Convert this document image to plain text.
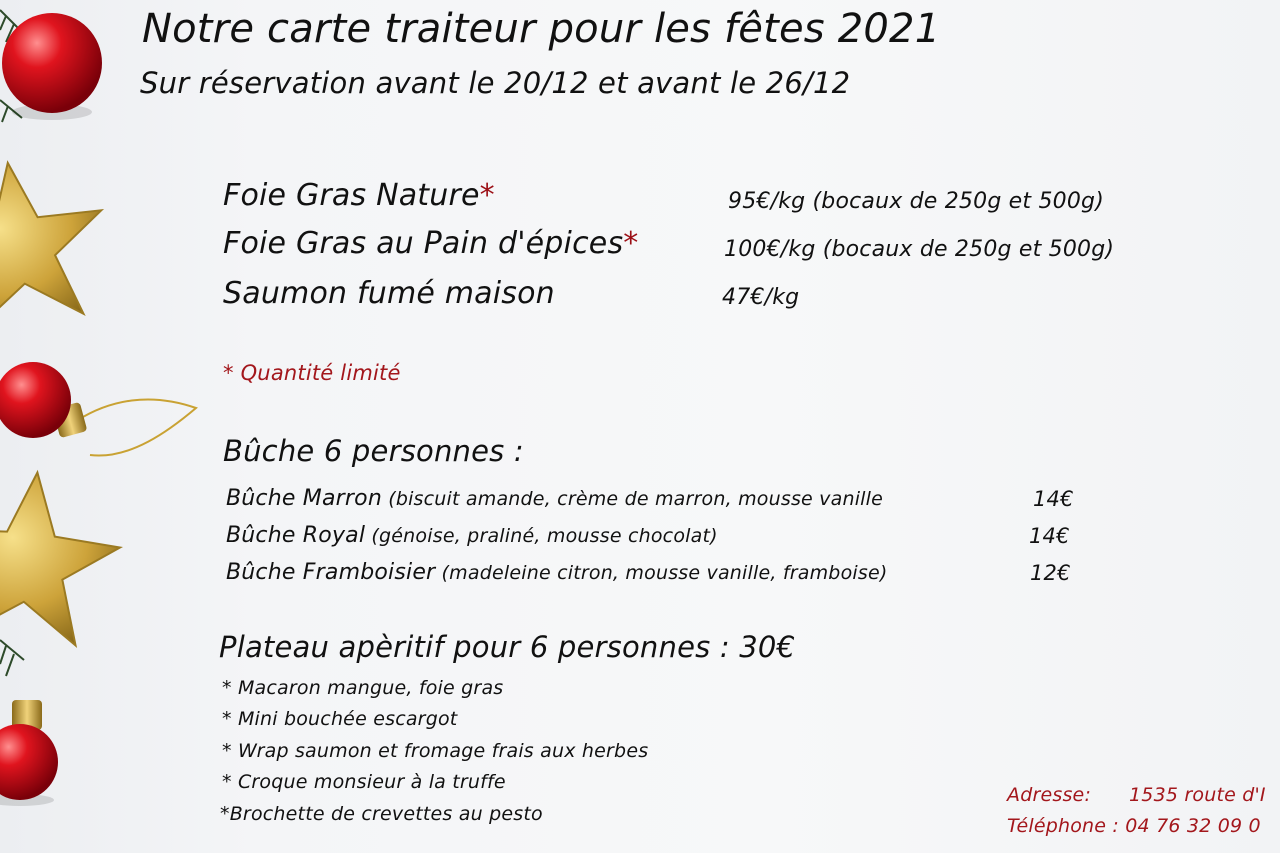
Notre carte traiteur pour les fêtes 2021
Sur réservation avant le 20/12 et avant le 26/12
Foie Gras Nature*	95€/kg (bocaux de 250g et 500g)
Foie Gras au Pain d'épices*	100€/kg (bocaux de 250g et 500g)
Saumon fumé maison	47€/kg
* Quantité limité
Bûche 6 personnes :
Bûche Marron (biscuit amande, crème de marron, mousse vanille	14€
Bûche Royal (génoise, praliné, mousse chocolat)	14€
Bûche Framboisier (madeleine citron, mousse vanille, framboise)	12€
Plateau apèritif pour 6 personnes : 30€
* Macaron mangue, foie gras
* Mini bouchée escargot
* Wrap saumon et fromage frais aux herbes
* Croque monsieur à la truffe
*Brochette de crevettes au pesto
Adresse: 1535 route d'I
Téléphone : 04 76 32 09 0
